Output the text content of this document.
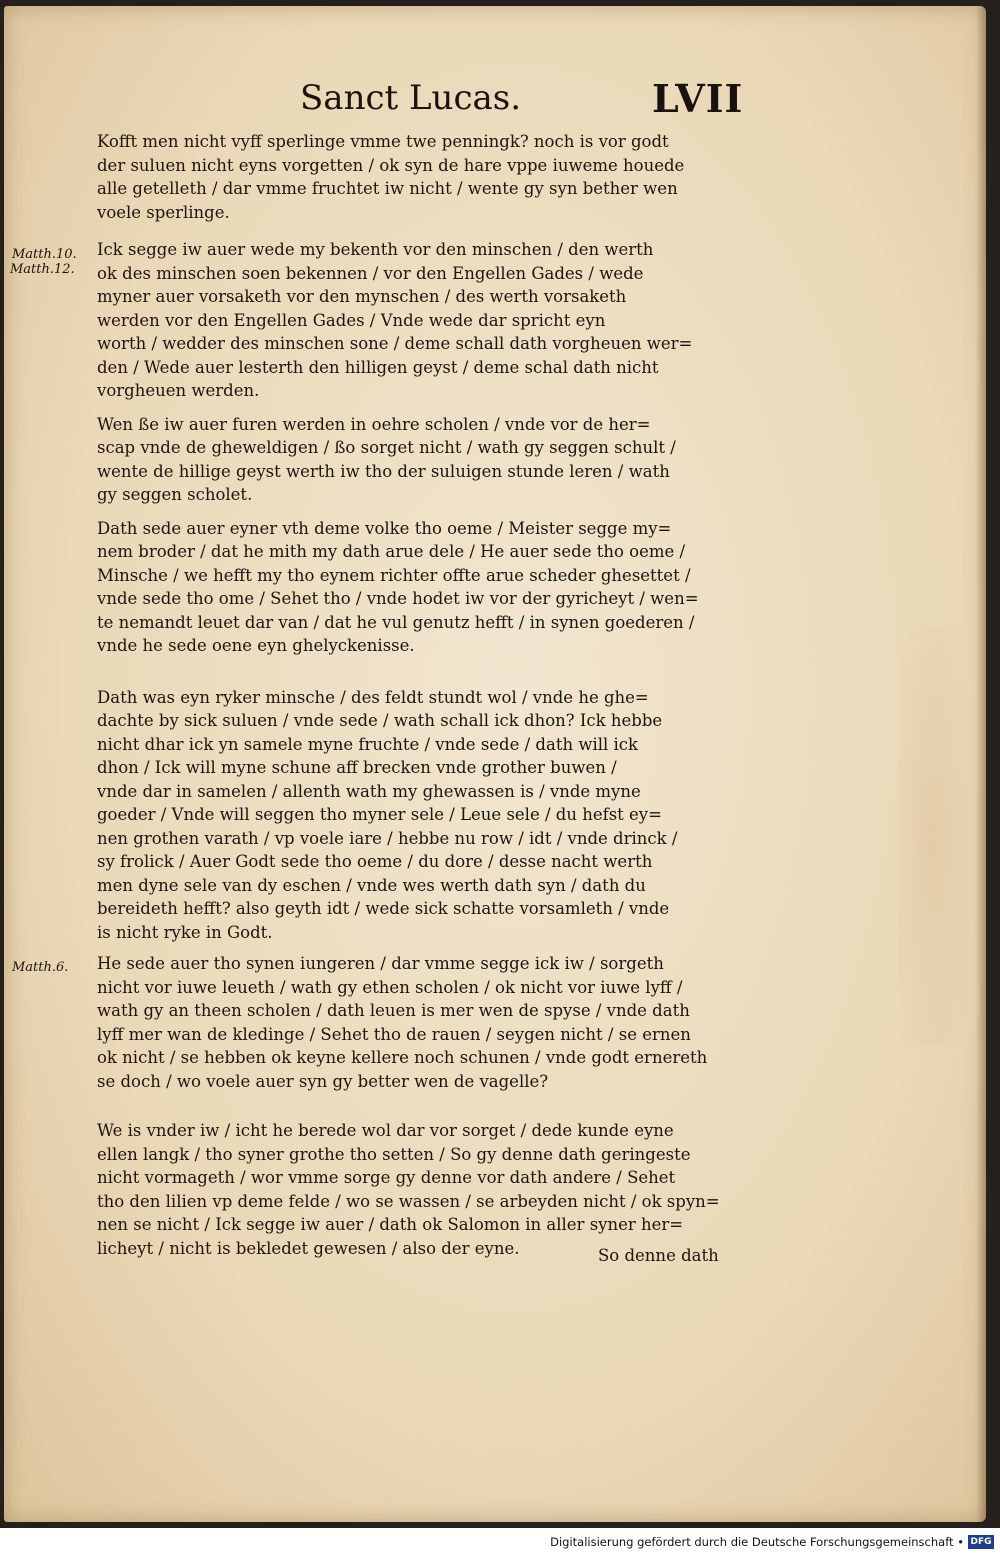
Sanct Lucas.	LVII
Matth.10.
Matth.12.
Matth.6.
Kofft men nicht vyff sperlinge vmme twe penningk? noch is vor godt
der suluen nicht eyns vorgetten / ok syn de hare vppe iuweme houede
alle getelleth / dar vmme fruchtet iw nicht / wente gy syn bether wen
voele sperlinge.
Ick segge iw auer wede my bekenth vor den minschen / den werth
ok des minschen soen bekennen / vor den Engellen Gades / wede
myner auer vorsaketh vor den mynschen / des werth vorsaketh
werden vor den Engellen Gades / Vnde wede dar spricht eyn
worth / wedder des minschen sone / deme schall dath vorgheuen wer=
den / Wede auer lesterth den hilligen geyst / deme schal dath nicht
vorgheuen werden.
Wen ße iw auer furen werden in oehre scholen / vnde vor de her=
scap vnde de gheweldigen / ßo sorget nicht / wath gy seggen schult /
wente de hillige geyst werth iw tho der suluigen stunde leren / wath
gy seggen scholet.
Dath sede auer eyner vth deme volke tho oeme / Meister segge my=
nem broder / dat he mith my dath arue dele / He auer sede tho oeme /
Minsche / we hefft my tho eynem richter offte arue scheder ghesettet /
vnde sede tho ome / Sehet tho / vnde hodet iw vor der gyricheyt / wen=
te nemandt leuet dar van / dat he vul genutz hefft / in synen goederen /
vnde he sede oene eyn ghelyckenisse.
Dath was eyn ryker minsche / des feldt stundt wol / vnde he ghe=
dachte by sick suluen / vnde sede / wath schall ick dhon? Ick hebbe
nicht dhar ick yn samele myne fruchte / vnde sede / dath will ick
dhon / Ick will myne schune aff brecken vnde grother buwen /
vnde dar in samelen / allenth wath my ghewassen is / vnde myne
goeder / Vnde will seggen tho myner sele / Leue sele / du hefst ey=
nen grothen varath / vp voele iare / hebbe nu row / idt / vnde drinck /
sy frolick / Auer Godt sede tho oeme / du dore / desse nacht werth
men dyne sele van dy eschen / vnde wes werth dath syn / dath du
bereideth hefft? also geyth idt / wede sick schatte vorsamleth / vnde
is nicht ryke in Godt.
He sede auer tho synen iungeren / dar vmme segge ick iw / sorgeth
nicht vor iuwe leueth / wath gy ethen scholen / ok nicht vor iuwe lyff /
wath gy an theen scholen / dath leuen is mer wen de spyse / vnde dath
lyff mer wan de kledinge / Sehet tho de rauen / seygen nicht / se ernen
ok nicht / se hebben ok keyne kellere noch schunen / vnde godt ernereth
se doch / wo voele auer syn gy better wen de vagelle?
We is vnder iw / icht he berede wol dar vor sorget / dede kunde eyne
ellen langk / tho syner grothe tho setten / So gy denne dath geringeste
nicht vormageth / wor vmme sorge gy denne vor dath andere / Sehet
tho den lilien vp deme felde / wo se wassen / se arbeyden nicht / ok spyn=
nen se nicht / Ick segge iw auer / dath ok Salomon in aller syner her=
licheyt / nicht is bekledet gewesen / also der eyne.	So denne dath
Digitalisierung gefördert durch die Deutsche Forschungsgemeinschaft • DFG
